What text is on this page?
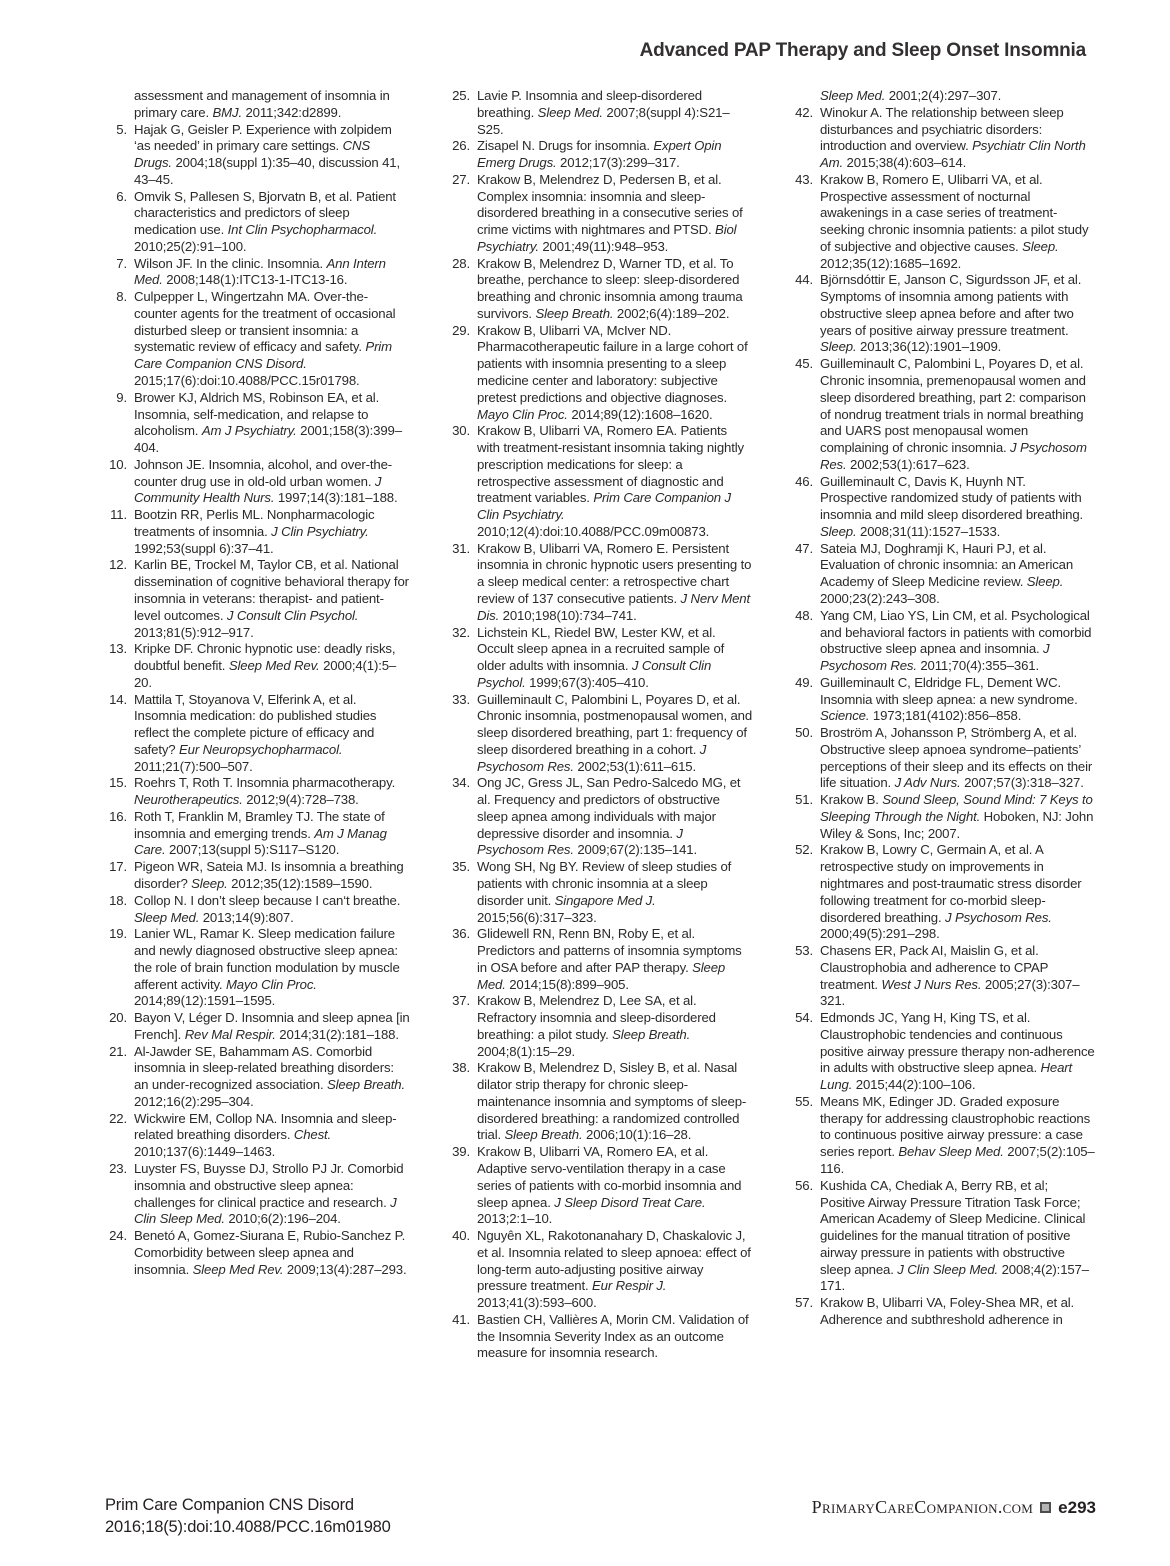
Advanced PAP Therapy and Sleep Onset Insomnia
assessment and management of insomnia in primary care. BMJ. 2011;342:d2899.
5. Hajak G, Geisler P. Experience with zolpidem ‘as needed’ in primary care settings. CNS Drugs. 2004;18(suppl 1):35–40, discussion 41, 43–45.
6. Omvik S, Pallesen S, Bjorvatn B, et al. Patient characteristics and predictors of sleep medication use. Int Clin Psychopharmacol. 2010;25(2):91–100.
7. Wilson JF. In the clinic. Insomnia. Ann Intern Med. 2008;148(1):ITC13-1-ITC13-16.
8. Culpepper L, Wingertzahn MA. Over-the-counter agents for the treatment of occasional disturbed sleep or transient insomnia: a systematic review of efficacy and safety. Prim Care Companion CNS Disord. 2015;17(6):doi:10.4088/PCC.15r01798.
9. Brower KJ, Aldrich MS, Robinson EA, et al. Insomnia, self-medication, and relapse to alcoholism. Am J Psychiatry. 2001;158(3):399–404.
10. Johnson JE. Insomnia, alcohol, and over-the-counter drug use in old-old urban women. J Community Health Nurs. 1997;14(3):181–188.
11. Bootzin RR, Perlis ML. Nonpharmacologic treatments of insomnia. J Clin Psychiatry. 1992;53(suppl 6):37–41.
12. Karlin BE, Trockel M, Taylor CB, et al. National dissemination of cognitive behavioral therapy for insomnia in veterans: therapist- and patient-level outcomes. J Consult Clin Psychol. 2013;81(5):912–917.
13. Kripke DF. Chronic hypnotic use: deadly risks, doubtful benefit. Sleep Med Rev. 2000;4(1):5–20.
14. Mattila T, Stoyanova V, Elferink A, et al. Insomnia medication: do published studies reflect the complete picture of efficacy and safety? Eur Neuropsychopharmacol. 2011;21(7):500–507.
15. Roehrs T, Roth T. Insomnia pharmacotherapy. Neurotherapeutics. 2012;9(4):728–738.
16. Roth T, Franklin M, Bramley TJ. The state of insomnia and emerging trends. Am J Manag Care. 2007;13(suppl 5):S117–S120.
17. Pigeon WR, Sateia MJ. Is insomnia a breathing disorder? Sleep. 2012;35(12):1589–1590.
18. Collop N. I don’t sleep because I can‘t breathe. Sleep Med. 2013;14(9):807.
19. Lanier WL, Ramar K. Sleep medication failure and newly diagnosed obstructive sleep apnea: the role of brain function modulation by muscle afferent activity. Mayo Clin Proc. 2014;89(12):1591–1595.
20. Bayon V, Léger D. Insomnia and sleep apnea [in French]. Rev Mal Respir. 2014;31(2):181–188.
21. Al-Jawder SE, Bahammam AS. Comorbid insomnia in sleep-related breathing disorders: an under-recognized association. Sleep Breath. 2012;16(2):295–304.
22. Wickwire EM, Collop NA. Insomnia and sleep-related breathing disorders. Chest. 2010;137(6):1449–1463.
23. Luyster FS, Buysse DJ, Strollo PJ Jr. Comorbid insomnia and obstructive sleep apnea: challenges for clinical practice and research. J Clin Sleep Med. 2010;6(2):196–204.
24. Benetó A, Gomez-Siurana E, Rubio-Sanchez P. Comorbidity between sleep apnea and insomnia. Sleep Med Rev. 2009;13(4):287–293.
25. Lavie P. Insomnia and sleep-disordered breathing. Sleep Med. 2007;8(suppl 4):S21–S25.
26. Zisapel N. Drugs for insomnia. Expert Opin Emerg Drugs. 2012;17(3):299–317.
27. Krakow B, Melendrez D, Pedersen B, et al. Complex insomnia: insomnia and sleep-disordered breathing in a consecutive series of crime victims with nightmares and PTSD. Biol Psychiatry. 2001;49(11):948–953.
28. Krakow B, Melendrez D, Warner TD, et al. To breathe, perchance to sleep: sleep-disordered breathing and chronic insomnia among trauma survivors. Sleep Breath. 2002;6(4):189–202.
29. Krakow B, Ulibarri VA, McIver ND. Pharmacotherapeutic failure in a large cohort of patients with insomnia presenting to a sleep medicine center and laboratory: subjective pretest predictions and objective diagnoses. Mayo Clin Proc. 2014;89(12):1608–1620.
30. Krakow B, Ulibarri VA, Romero EA. Patients with treatment-resistant insomnia taking nightly prescription medications for sleep: a retrospective assessment of diagnostic and treatment variables. Prim Care Companion J Clin Psychiatry. 2010;12(4):doi:10.4088/PCC.09m00873.
31. Krakow B, Ulibarri VA, Romero E. Persistent insomnia in chronic hypnotic users presenting to a sleep medical center: a retrospective chart review of 137 consecutive patients. J Nerv Ment Dis. 2010;198(10):734–741.
32. Lichstein KL, Riedel BW, Lester KW, et al. Occult sleep apnea in a recruited sample of older adults with insomnia. J Consult Clin Psychol. 1999;67(3):405–410.
33. Guilleminault C, Palombini L, Poyares D, et al. Chronic insomnia, postmenopausal women, and sleep disordered breathing, part 1: frequency of sleep disordered breathing in a cohort. J Psychosom Res. 2002;53(1):611–615.
34. Ong JC, Gress JL, San Pedro-Salcedo MG, et al. Frequency and predictors of obstructive sleep apnea among individuals with major depressive disorder and insomnia. J Psychosom Res. 2009;67(2):135–141.
35. Wong SH, Ng BY. Review of sleep studies of patients with chronic insomnia at a sleep disorder unit. Singapore Med J. 2015;56(6):317–323.
36. Glidewell RN, Renn BN, Roby E, et al. Predictors and patterns of insomnia symptoms in OSA before and after PAP therapy. Sleep Med. 2014;15(8):899–905.
37. Krakow B, Melendrez D, Lee SA, et al. Refractory insomnia and sleep-disordered breathing: a pilot study. Sleep Breath. 2004;8(1):15–29.
38. Krakow B, Melendrez D, Sisley B, et al. Nasal dilator strip therapy for chronic sleep-maintenance insomnia and symptoms of sleep-disordered breathing: a randomized controlled trial. Sleep Breath. 2006;10(1):16–28.
39. Krakow B, Ulibarri VA, Romero EA, et al. Adaptive servo-ventilation therapy in a case series of patients with co-morbid insomnia and sleep apnea. J Sleep Disord Treat Care. 2013;2:1–10.
40. Nguyên XL, Rakotonanahary D, Chaskalovic J, et al. Insomnia related to sleep apnoea: effect of long-term auto-adjusting positive airway pressure treatment. Eur Respir J. 2013;41(3):593–600.
41. Bastien CH, Vallières A, Morin CM. Validation of the Insomnia Severity Index as an outcome measure for insomnia research.
Sleep Med. 2001;2(4):297–307.
42. Winokur A. The relationship between sleep disturbances and psychiatric disorders: introduction and overview. Psychiatr Clin North Am. 2015;38(4):603–614.
43. Krakow B, Romero E, Ulibarri VA, et al. Prospective assessment of nocturnal awakenings in a case series of treatment-seeking chronic insomnia patients: a pilot study of subjective and objective causes. Sleep. 2012;35(12):1685–1692.
44. Björnsdóttir E, Janson C, Sigurdsson JF, et al. Symptoms of insomnia among patients with obstructive sleep apnea before and after two years of positive airway pressure treatment. Sleep. 2013;36(12):1901–1909.
45. Guilleminault C, Palombini L, Poyares D, et al. Chronic insomnia, premenopausal women and sleep disordered breathing, part 2: comparison of nondrug treatment trials in normal breathing and UARS post menopausal women complaining of chronic insomnia. J Psychosom Res. 2002;53(1):617–623.
46. Guilleminault C, Davis K, Huynh NT. Prospective randomized study of patients with insomnia and mild sleep disordered breathing. Sleep. 2008;31(11):1527–1533.
47. Sateia MJ, Doghramji K, Hauri PJ, et al. Evaluation of chronic insomnia: an American Academy of Sleep Medicine review. Sleep. 2000;23(2):243–308.
48. Yang CM, Liao YS, Lin CM, et al. Psychological and behavioral factors in patients with comorbid obstructive sleep apnea and insomnia. J Psychosom Res. 2011;70(4):355–361.
49. Guilleminault C, Eldridge FL, Dement WC. Insomnia with sleep apnea: a new syndrome. Science. 1973;181(4102):856–858.
50. Broström A, Johansson P, Strömberg A, et al. Obstructive sleep apnoea syndrome–patients’ perceptions of their sleep and its effects on their life situation. J Adv Nurs. 2007;57(3):318–327.
51. Krakow B. Sound Sleep, Sound Mind: 7 Keys to Sleeping Through the Night. Hoboken, NJ: John Wiley & Sons, Inc; 2007.
52. Krakow B, Lowry C, Germain A, et al. A retrospective study on improvements in nightmares and post-traumatic stress disorder following treatment for co-morbid sleep-disordered breathing. J Psychosom Res. 2000;49(5):291–298.
53. Chasens ER, Pack AI, Maislin G, et al. Claustrophobia and adherence to CPAP treatment. West J Nurs Res. 2005;27(3):307–321.
54. Edmonds JC, Yang H, King TS, et al. Claustrophobic tendencies and continuous positive airway pressure therapy non-adherence in adults with obstructive sleep apnea. Heart Lung. 2015;44(2):100–106.
55. Means MK, Edinger JD. Graded exposure therapy for addressing claustrophobic reactions to continuous positive airway pressure: a case series report. Behav Sleep Med. 2007;5(2):105–116.
56. Kushida CA, Chediak A, Berry RB, et al; Positive Airway Pressure Titration Task Force; American Academy of Sleep Medicine. Clinical guidelines for the manual titration of positive airway pressure in patients with obstructive sleep apnea. J Clin Sleep Med. 2008;4(2):157–171.
57. Krakow B, Ulibarri VA, Foley-Shea MR, et al. Adherence and subthreshold adherence in
Prim Care Companion CNS Disord
2016;18(5):doi:10.4088/PCC.16m01980
PrimaryCareCompanion.com e293
